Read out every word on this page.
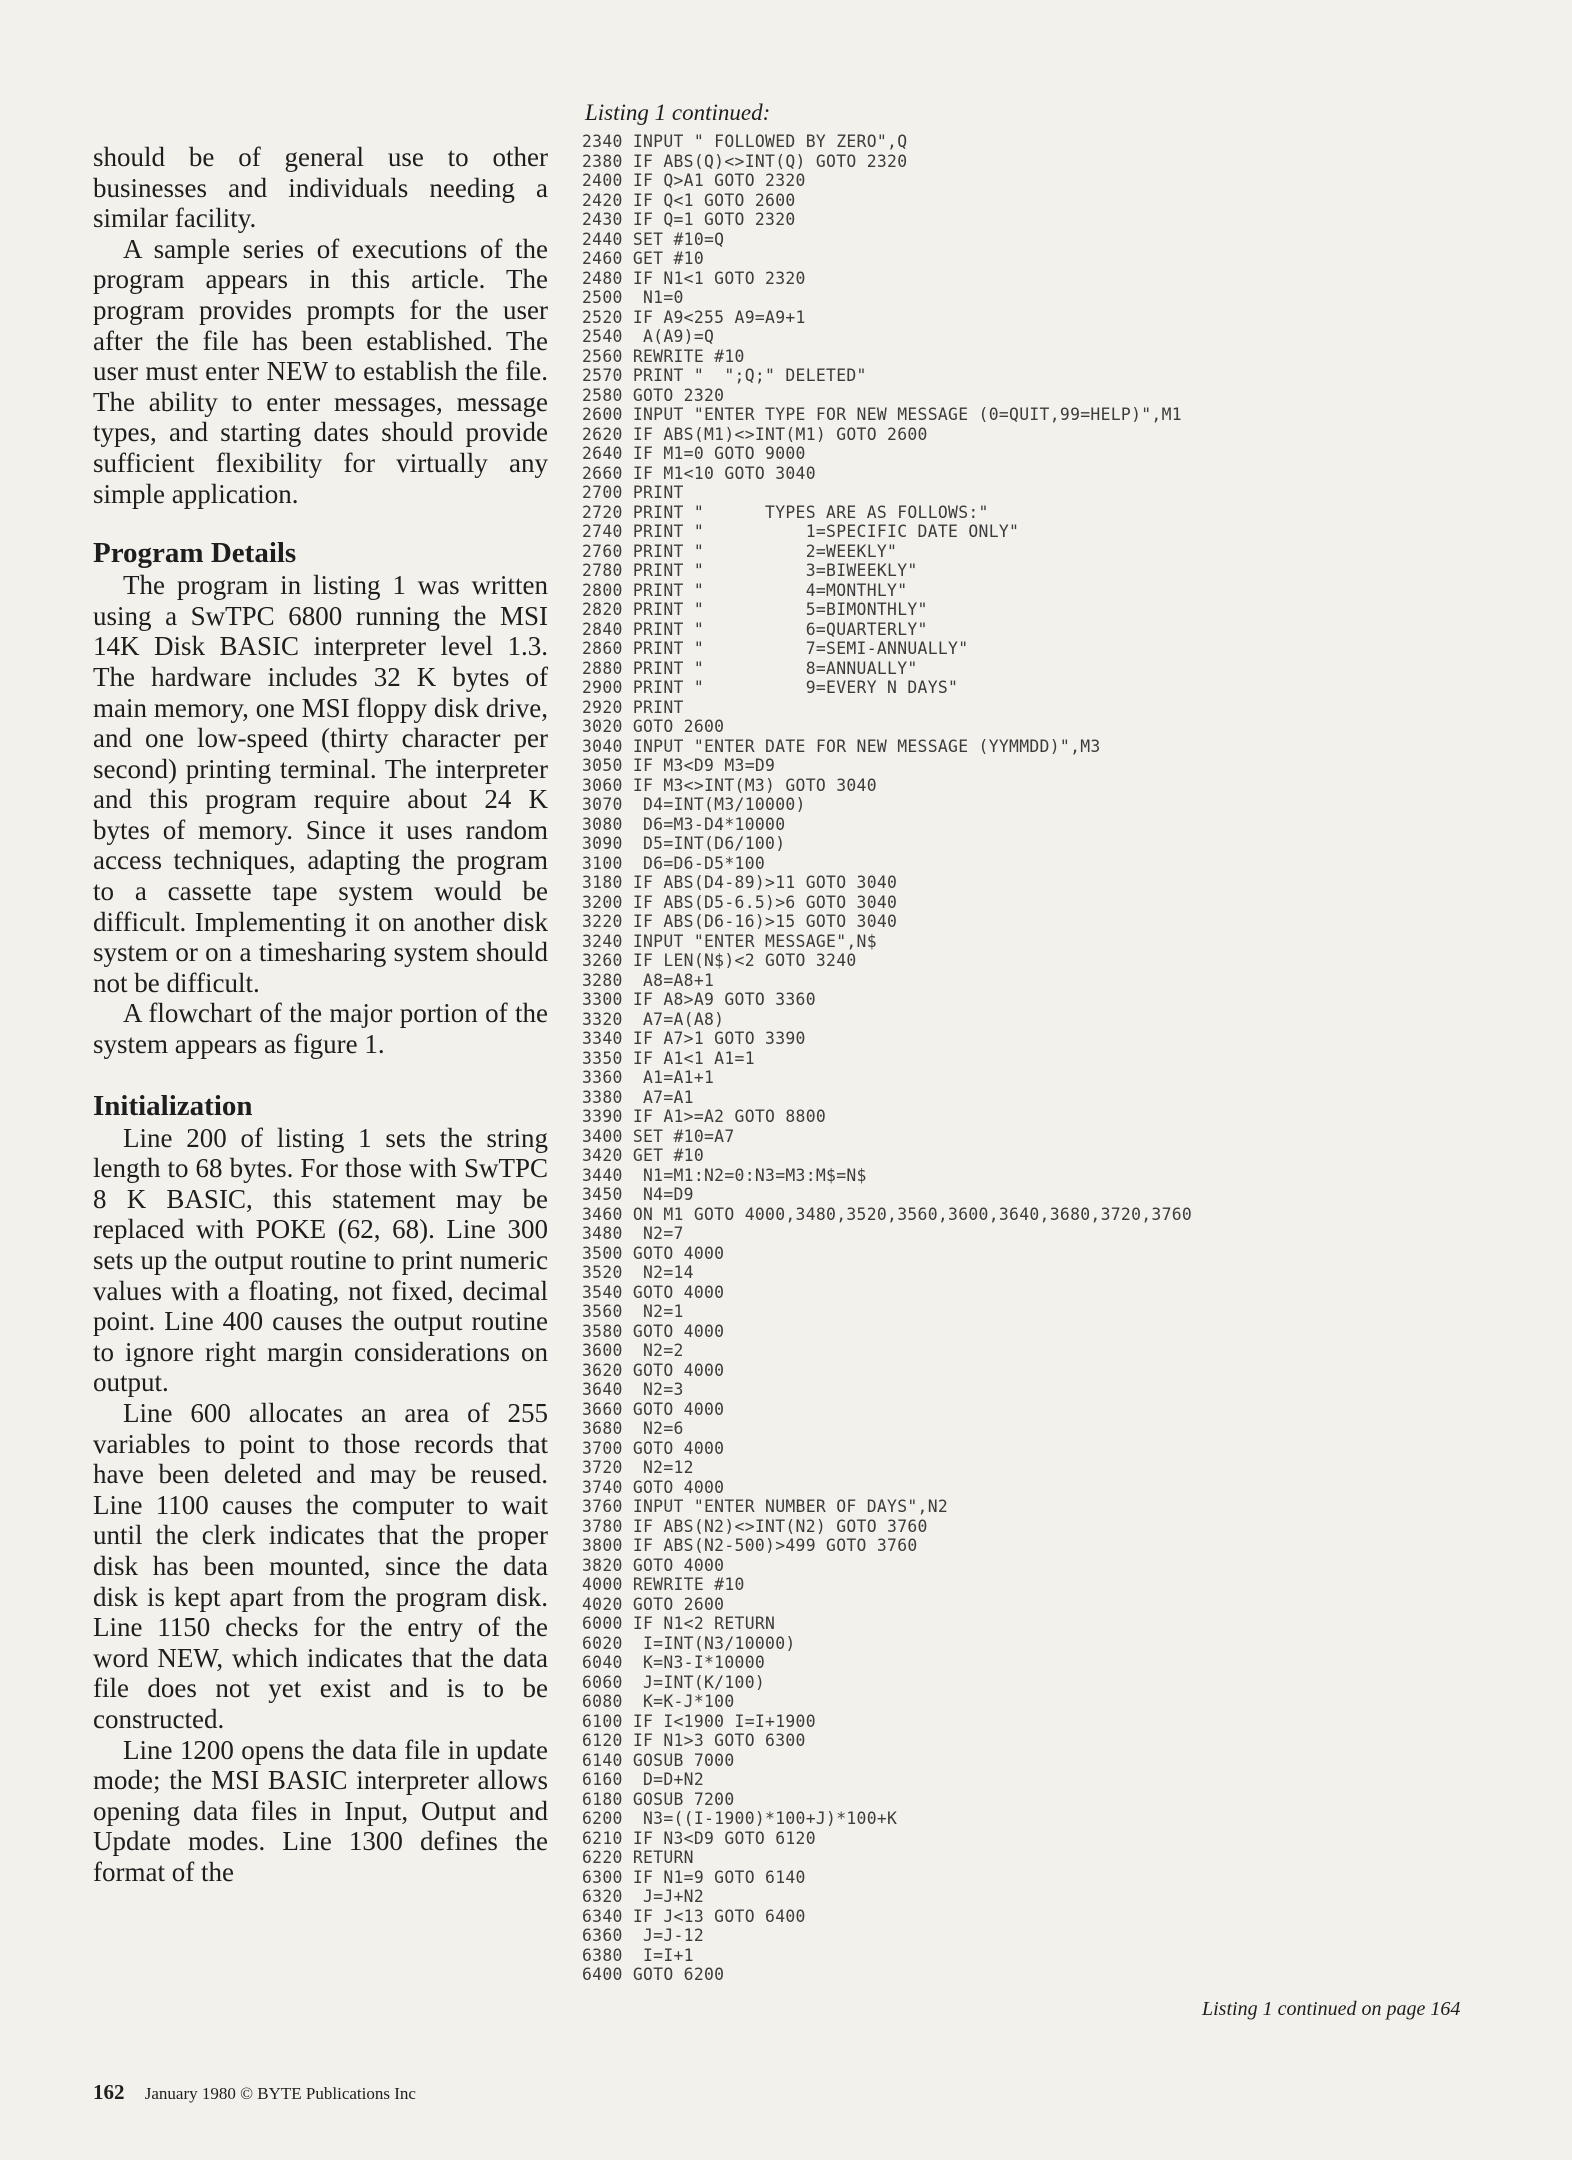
should be of general use to other businesses and individuals needing a similar facility.

A sample series of executions of the program appears in this article. The program provides prompts for the user after the file has been established. The user must enter NEW to establish the file. The ability to enter messages, message types, and starting dates should provide sufficient flexibility for virtually any simple application.

Program Details

The program in listing 1 was written using a SwTPC 6800 running the MSI 14K Disk BASIC interpreter level 1.3. The hardware includes 32 K bytes of main memory, one MSI floppy disk drive, and one low-speed (thirty character per second) printing terminal. The interpreter and this program require about 24 K bytes of memory. Since it uses random access techniques, adapting the program to a cassette tape system would be difficult. Implementing it on another disk system or on a timesharing system should not be difficult.

A flowchart of the major portion of the system appears as figure 1.

Initialization

Line 200 of listing 1 sets the string length to 68 bytes. For those with SwTPC 8 K BASIC, this statement may be replaced with POKE (62, 68). Line 300 sets up the output routine to print numeric values with a floating, not fixed, decimal point. Line 400 causes the output routine to ignore right margin considerations on output.

Line 600 allocates an area of 255 variables to point to those records that have been deleted and may be reused. Line 1100 causes the computer to wait until the clerk indicates that the proper disk has been mounted, since the data disk is kept apart from the program disk. Line 1150 checks for the entry of the word NEW, which indicates that the data file does not yet exist and is to be constructed.

Line 1200 opens the data file in update mode; the MSI BASIC interpreter allows opening data files in Input, Output and Update modes. Line 1300 defines the format of the

Listing 1 continued:
2340 INPUT " FOLLOWED BY ZERO",Q
2380 IF ABS(Q)<>INT(Q) GOTO 2320
2400 IF Q>A1 GOTO 2320
2420 IF Q<1 GOTO 2600
2430 IF Q=1 GOTO 2320
2440 SET #10=Q
2460 GET #10
2480 IF N1<1 GOTO 2320
2500  N1=0
2520 IF A9<255 A9=A9+1
2540  A(A9)=Q
2560 REWRITE #10
2570 PRINT "  ";Q;" DELETED"
2580 GOTO 2320
2600 INPUT "ENTER TYPE FOR NEW MESSAGE (0=QUIT,99=HELP)",M1
2620 IF ABS(M1)<>INT(M1) GOTO 2600
2640 IF M1=0 GOTO 9000
2660 IF M1<10 GOTO 3040
2700 PRINT
2720 PRINT "      TYPES ARE AS FOLLOWS:"
2740 PRINT "          1=SPECIFIC DATE ONLY"
2760 PRINT "          2=WEEKLY"
2780 PRINT "          3=BIWEEKLY"
2800 PRINT "          4=MONTHLY"
2820 PRINT "          5=BIMONTHLY"
2840 PRINT "          6=QUARTERLY"
2860 PRINT "          7=SEMI-ANNUALLY"
2880 PRINT "          8=ANNUALLY"
2900 PRINT "          9=EVERY N DAYS"
2920 PRINT
3020 GOTO 2600
3040 INPUT "ENTER DATE FOR NEW MESSAGE (YYMMDD)",M3
3050 IF M3<D9 M3=D9
3060 IF M3<>INT(M3) GOTO 3040
3070  D4=INT(M3/10000)
3080  D6=M3-D4*10000
3090  D5=INT(D6/100)
3100  D6=D6-D5*100
3180 IF ABS(D4-89)>11 GOTO 3040
3200 IF ABS(D5-6.5)>6 GOTO 3040
3220 IF ABS(D6-16)>15 GOTO 3040
3240 INPUT "ENTER MESSAGE",N$
3260 IF LEN(N$)<2 GOTO 3240
3280  A8=A8+1
3300 IF A8>A9 GOTO 3360
3320  A7=A(A8)
3340 IF A7>1 GOTO 3390
3350 IF A1<1 A1=1
3360  A1=A1+1
3380  A7=A1
3390 IF A1>=A2 GOTO 8800
3400 SET #10=A7
3420 GET #10
3440  N1=M1:N2=0:N3=M3:M$=N$
3450  N4=D9
3460 ON M1 GOTO 4000,3480,3520,3560,3600,3640,3680,3720,3760
3480  N2=7
3500 GOTO 4000
3520  N2=14
3540 GOTO 4000
3560  N2=1
3580 GOTO 4000
3600  N2=2
3620 GOTO 4000
3640  N2=3
3660 GOTO 4000
3680  N2=6
3700 GOTO 4000
3720  N2=12
3740 GOTO 4000
3760 INPUT "ENTER NUMBER OF DAYS",N2
3780 IF ABS(N2)<>INT(N2) GOTO 3760
3800 IF ABS(N2-500)>499 GOTO 3760
3820 GOTO 4000
4000 REWRITE #10
4020 GOTO 2600
6000 IF N1<2 RETURN
6020  I=INT(N3/10000)
6040  K=N3-I*10000
6060  J=INT(K/100)
6080  K=K-J*100
6100 IF I<1900 I=I+1900
6120 IF N1>3 GOTO 6300
6140 GOSUB 7000
6160  D=D+N2
6180 GOSUB 7200
6200  N3=((I-1900)*100+J)*100+K
6210 IF N3<D9 GOTO 6120
6220 RETURN
6300 IF N1=9 GOTO 6140
6320  J=J+N2
6340 IF J<13 GOTO 6400
6360  J=J-12
6380  I=I+1
6400 GOTO 6200
Listing 1 continued on page 164
162 January 1980 © BYTE Publications Inc
